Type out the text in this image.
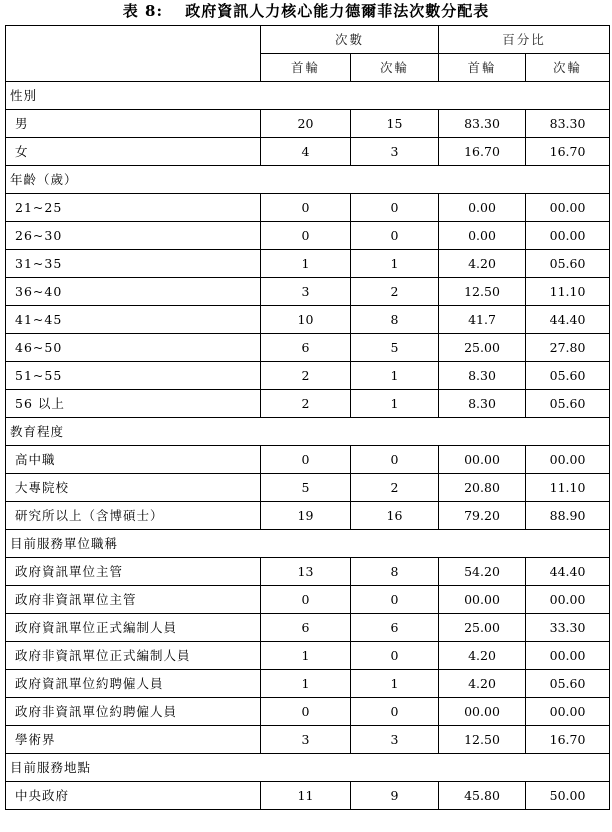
表 8:　 政府資訊人力核心能力德爾菲法次數分配表
	次數		百分比	
	首輪	次輪	首輪	次輪
性別				
男	20	15	83.30	83.30
女	4	3	16.70	16.70
年齡（歲）				
21~25	0	0	0.00	00.00
26~30	0	0	0.00	00.00
31~35	1	1	4.20	05.60
36~40	3	2	12.50	11.10
41~45	10	8	41.7	44.40
46~50	6	5	25.00	27.80
51~55	2	1	8.30	05.60
56 以上	2	1	8.30	05.60
教育程度				
高中職	0	0	00.00	00.00
大專院校	5	2	20.80	11.10
研究所以上（含博碩士）	19	16	79.20	88.90
目前服務單位職稱				
政府資訊單位主管	13	8	54.20	44.40
政府非資訊單位主管	0	0	00.00	00.00
政府資訊單位正式編制人員	6	6	25.00	33.30
政府非資訊單位正式編制人員	1	0	4.20	00.00
政府資訊單位約聘僱人員	1	1	4.20	05.60
政府非資訊單位約聘僱人員	0	0	00.00	00.00
學術界	3	3	12.50	16.70
目前服務地點				
中央政府	11	9	45.80	50.00
